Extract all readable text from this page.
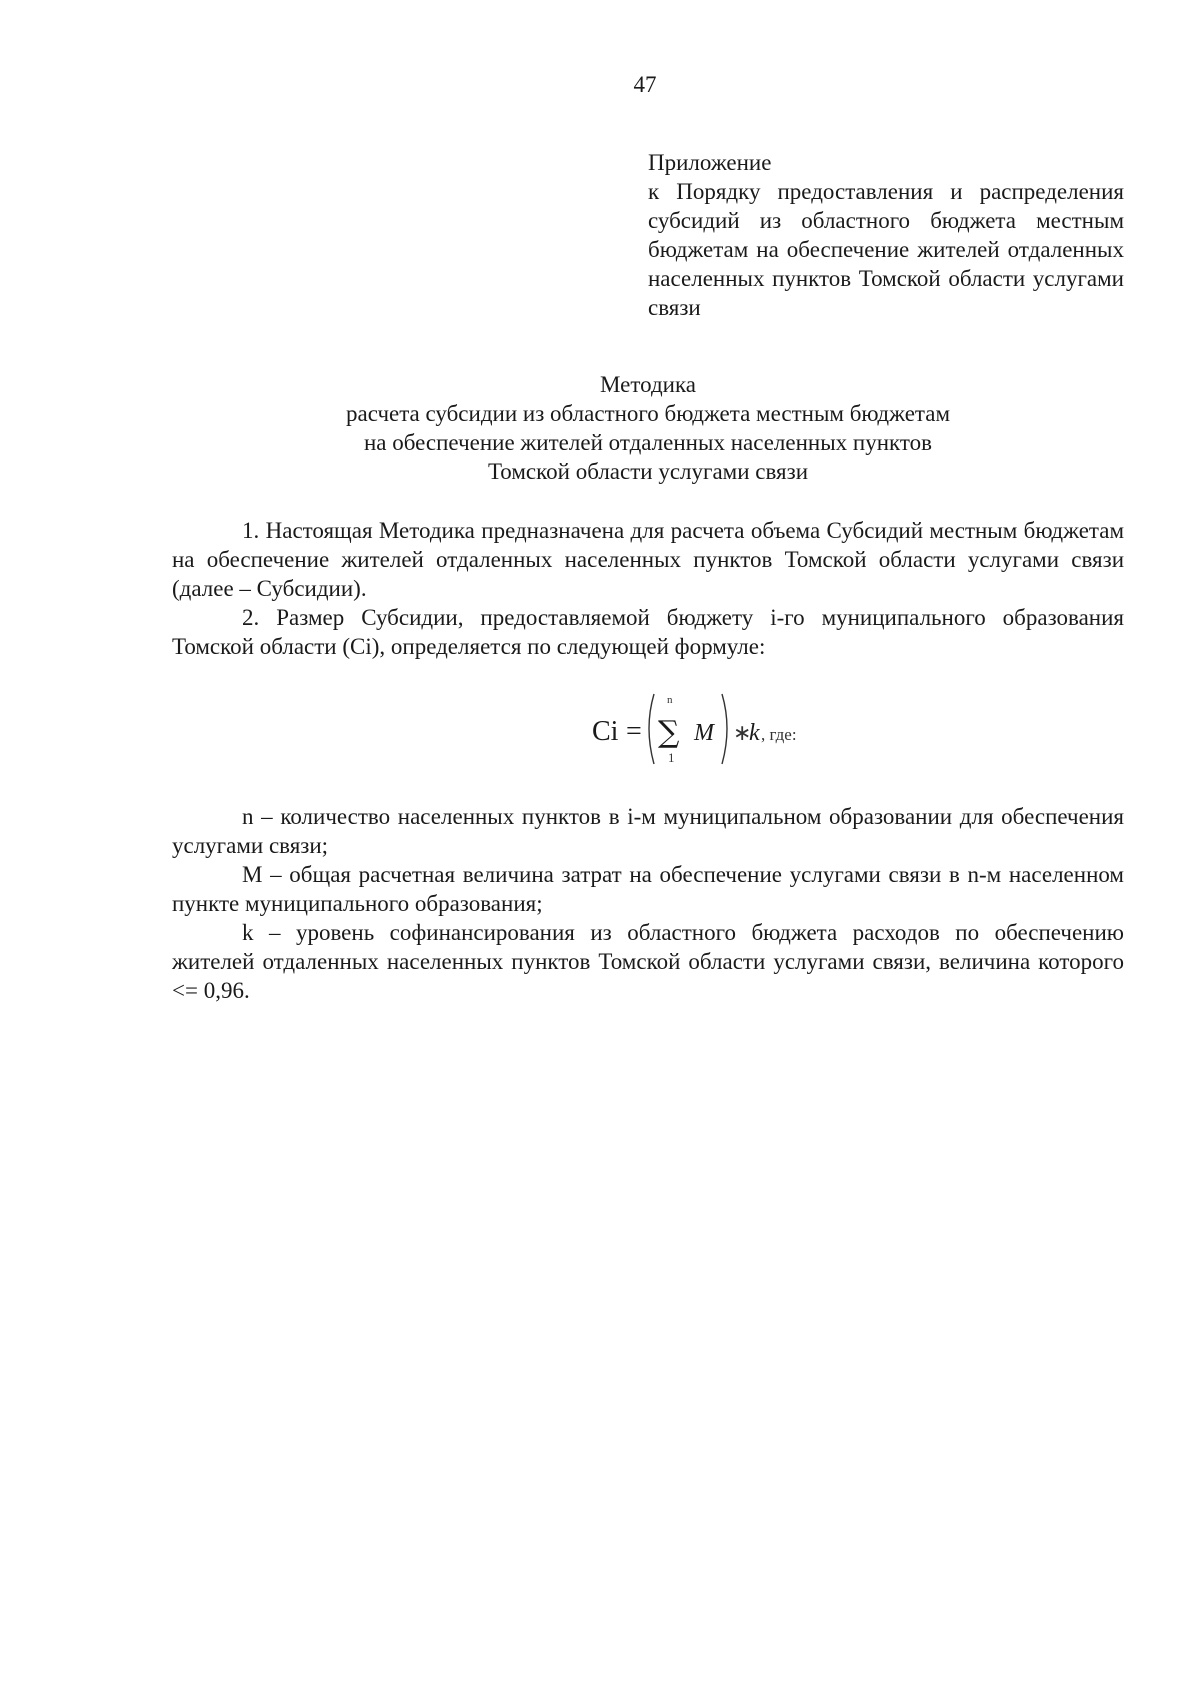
47
Приложение
к Порядку предоставления и распределения субсидий из областного бюджета местным бюджетам на обеспечение жителей отдаленных населенных пунктов Томской области услугами связи
Методика
расчета субсидии из областного бюджета местным бюджетам
на обеспечение жителей отдаленных населенных пунктов
Томской области услугами связи

1. Настоящая Методика предназначена для расчета объема Субсидий местным бюджетам на обеспечение жителей отдаленных населенных пунктов Томской области услугами связи (далее – Субсидии).

2. Размер Субсидии, предоставляемой бюджету i-го муниципального образования Томской области (Ci), определяется по следующей формуле:

Ci =
n
∑
1
M ∗
k , где:

n – количество населенных пунктов в i-м муниципальном образовании для обеспечения услугами связи;

M – общая расчетная величина затрат на обеспечение услугами связи в n-м населенном пункте муниципального образования;

k – уровень софинансирования из областного бюджета расходов по обеспечению жителей отдаленных населенных пунктов Томской области услугами связи, величина которого <= 0,96.
